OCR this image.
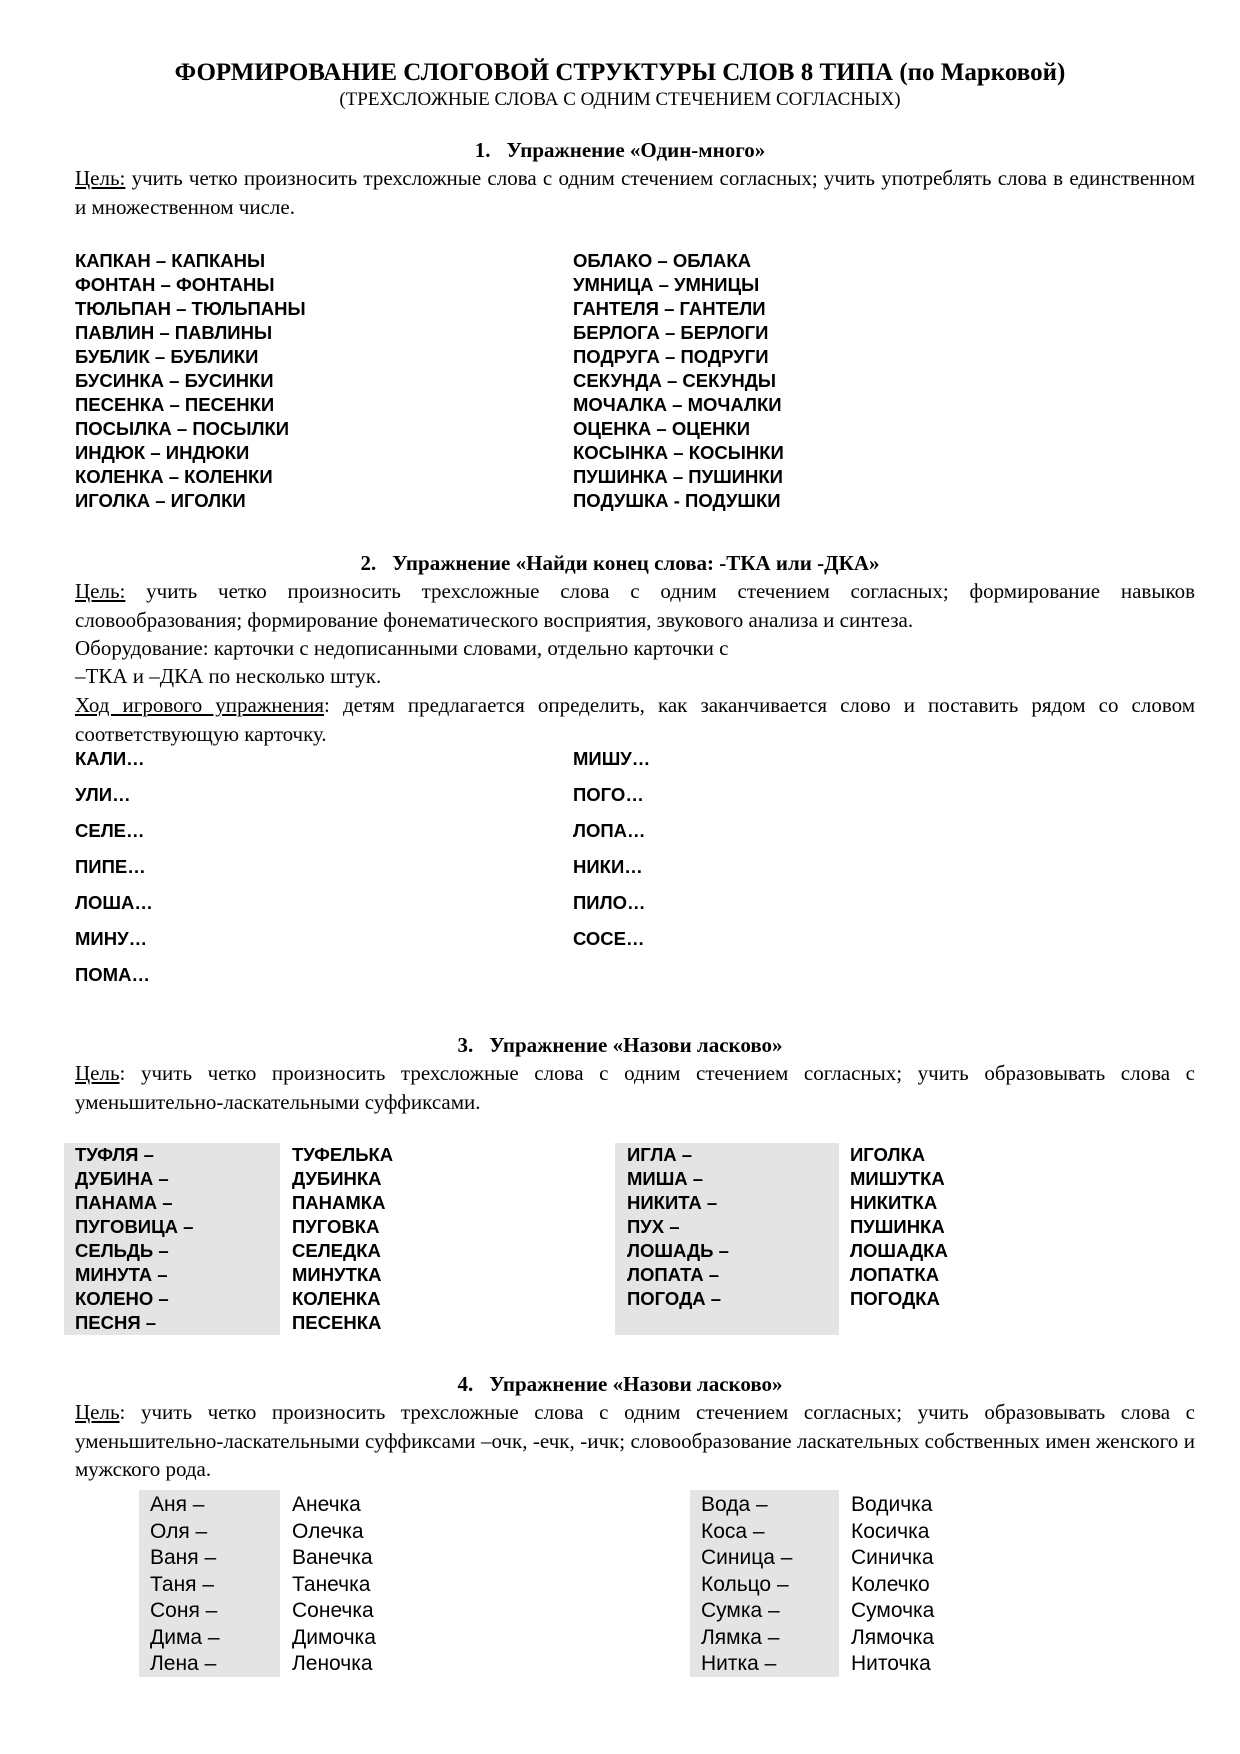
ФОРМИРОВАНИЕ СЛОГОВОЙ СТРУКТУРЫ СЛОВ 8 ТИПА (по Марковой)
(ТРЕХСЛОЖНЫЕ СЛОВА С ОДНИМ СТЕЧЕНИЕМ СОГЛАСНЫХ)
1. Упражнение «Один-много»
Цель: учить четко произносить трехсложные слова с одним стечением согласных; учить употреблять слова в единственном и множественном числе.
КАПКАН – КАПКАНЫ
ФОНТАН – ФОНТАНЫ
ТЮЛЬПАН – ТЮЛЬПАНЫ
ПАВЛИН – ПАВЛИНЫ
БУБЛИК – БУБЛИКИ
БУСИНКА – БУСИНКИ
ПЕСЕНКА – ПЕСЕНКИ
ПОСЫЛКА – ПОСЫЛКИ
ИНДЮК – ИНДЮКИ
КОЛЕНКА – КОЛЕНКИ
ИГОЛКА – ИГОЛКИ
ОБЛАКО – ОБЛАКА
УМНИЦА – УМНИЦЫ
ГАНТЕЛЯ – ГАНТЕЛИ
БЕРЛОГА – БЕРЛОГИ
ПОДРУГА – ПОДРУГИ
СЕКУНДА – СЕКУНДЫ
МОЧАЛКА – МОЧАЛКИ
ОЦЕНКА – ОЦЕНКИ
КОСЫНКА – КОСЫНКИ
ПУШИНКА – ПУШИНКИ
ПОДУШКА - ПОДУШКИ
2. Упражнение «Найди конец слова: -ТКА или -ДКА»
Цель: учить четко произносить трехсложные слова с одним стечением согласных; формирование навыков словообразования; формирование фонематического восприятия, звукового анализа и синтеза.
Оборудование: карточки с недописанными словами, отдельно карточки с
–ТКА и –ДКА по несколько штук.
Ход игрового упражнения: детям предлагается определить, как заканчивается слово и поставить рядом со словом соответствующую карточку.
КАЛИ…
УЛИ…
СЕЛЕ…
ПИПЕ…
ЛОША…
МИНУ…
ПОМА…
МИШУ…
ПОГО…
ЛОПА…
НИКИ…
ПИЛО…
СОСЕ…
3. Упражнение «Назови ласково»
Цель: учить четко произносить трехсложные слова с одним стечением согласных; учить образовывать слова с уменьшительно-ласкательными суффиксами.
ТУФЛЯ –
ДУБИНА –
ПАНАМА –
ПУГОВИЦА –
СЕЛЬДЬ –
МИНУТА –
КОЛЕНО –
ПЕСНЯ –
ТУФЕЛЬКА
ДУБИНКА
ПАНАМКА
ПУГОВКА
СЕЛЕДКА
МИНУТКА
КОЛЕНКА
ПЕСЕНКА
ИГЛА –
МИША –
НИКИТА –
ПУХ –
ЛОШАДЬ –
ЛОПАТА –
ПОГОДА –
ИГОЛКА
МИШУТКА
НИКИТКА
ПУШИНКА
ЛОШАДКА
ЛОПАТКА
ПОГОДКА
4. Упражнение «Назови ласково»
Цель: учить четко произносить трехсложные слова с одним стечением согласных; учить образовывать слова с уменьшительно-ласкательными суффиксами –очк, -ечк, -ичк; словообразование ласкательных собственных имен женского и мужского рода.
Аня –
Оля –
Ваня –
Таня –
Соня –
Дима –
Лена –
Анечка
Олечка
Ванечка
Танечка
Сонечка
Димочка
Леночка
Вода –
Коса –
Синица –
Кольцо –
Сумка –
Лямка –
Нитка –
Водичка
Косичка
Синичка
Колечко
Сумочка
Лямочка
Ниточка
